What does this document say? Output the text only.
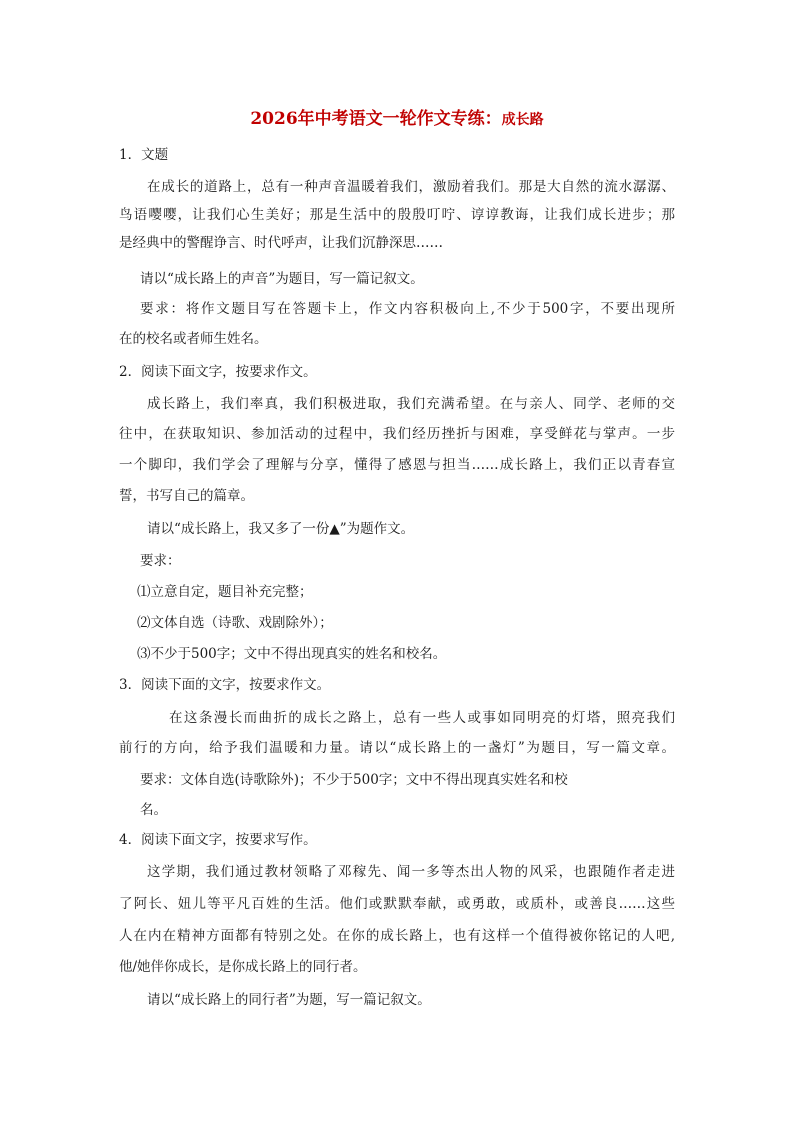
2026年中考语文一轮作文专练：成长路
1．文题
在成长的道路上，总有一种声音温暖着我们，激励着我们。那是大自然的流水潺潺、
鸟语嘤嘤，让我们心生美好；那是生活中的殷殷叮咛、谆谆教诲，让我们成长进步；那
是经典中的警醒诤言、时代呼声，让我们沉静深思……
请以“成长路上的声音”为题目，写一篇记叙文。
要求：将作文题目写在答题卡上，作文内容积极向上,不少于500字，不要出现所
在的校名或者师生姓名。
2．阅读下面文字，按要求作文。
成长路上，我们率真，我们积极进取，我们充满希望。在与亲人、同学、老师的交
往中，在获取知识、参加活动的过程中，我们经历挫折与困难，享受鲜花与掌声。一步
一个脚印，我们学会了理解与分享，懂得了感恩与担当……成长路上，我们正以青春宣
誓，书写自己的篇章。
请以“成长路上，我又多了一份▲”为题作文。
要求：
⑴立意自定，题目补充完整；
⑵文体自选（诗歌、戏剧除外）；
⑶不少于500字；文中不得出现真实的姓名和校名。
3．阅读下面的文字，按要求作文。
在这条漫长而曲折的成长之路上，总有一些人或事如同明亮的灯塔，照亮我们
前行的方向，给予我们温暖和力量。请以“成长路上的一盏灯”为题目，写一篇文章。
要求：文体自选(诗歌除外)；不少于500字；文中不得出现真实姓名和校
名。
4．阅读下面文字，按要求写作。
这学期，我们通过教材领略了邓稼先、闻一多等杰出人物的风采，也跟随作者走进
了阿长、妞儿等平凡百姓的生活。他们或默默奉献，或勇敢，或质朴，或善良……这些
人在内在精神方面都有特别之处。在你的成长路上，也有这样一个值得被你铭记的人吧,
他/她伴你成长，是你成长路上的同行者。
请以“成长路上的同行者”为题，写一篇记叙文。
